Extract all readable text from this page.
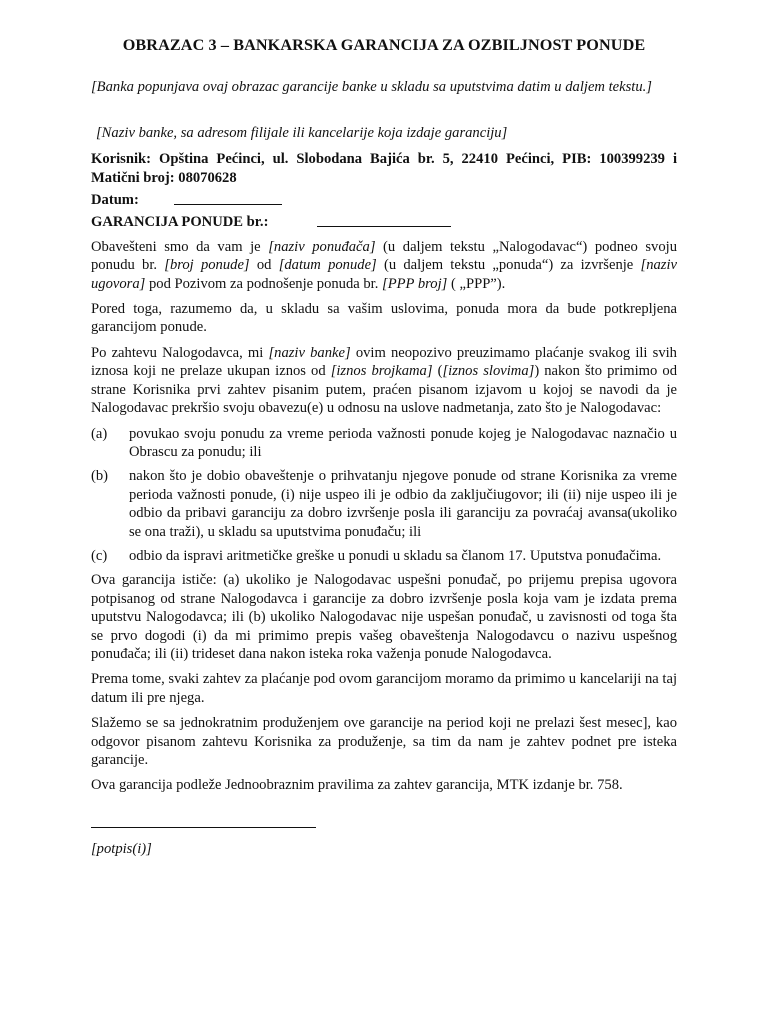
OBRAZAC 3 – BANKARSKA GARANCIJA ZA OZBILJNOST PONUDE

[Banka popunjava ovaj obrazac garancije banke u skladu sa uputstvima datim u daljem tekstu.]

[Naziv banke, sa adresom filijale ili kancelarije koja izdaje garanciju]

Korisnik: Opština Pećinci, ul. Slobodana Bajića br. 5, 22410 Pećinci, PIB: 100399239 i Matični broj: 08070628

Datum:
GARANCIJA PONUDE br.:

Obavešteni smo da vam je [naziv ponuđača] (u daljem tekstu „Nalogodavac“) podneo svoju ponudu br. [broj ponude] od [datum ponude] (u daljem tekstu „ponuda“) za izvršenje [naziv ugovora] pod Pozivom za podnošenje ponuda br. [PPP broj] ( „PPP”).

Pored toga, razumemo da, u skladu sa vašim uslovima, ponuda mora da bude potkrepljena garancijom ponude.

Po zahtevu Nalogodavca, mi [naziv banke] ovim neopozivo preuzimamo plaćanje svakog ili svih iznosa koji ne prelaze ukupan iznos od [iznos brojkama] ([iznos slovima]) nakon što primimo od strane Korisnika prvi zahtev pisanim putem, praćen pisanom izjavom u kojoj se navodi da je Nalogodavac prekršio svoju obavezu(e) u odnosu na uslove nadmetanja, zato što je Nalogodavac:

(a)	povukao svoju ponudu za vreme perioda važnosti ponude kojeg je Nalogodavac naznačio u Obrascu za ponudu; ili
(b)	nakon što je dobio obaveštenje o prihvatanju njegove ponude od strane Korisnika za vreme perioda važnosti ponude, (i) nije uspeo ili je odbio da zaključiugovor; ili (ii) nije uspeo ili je odbio da pribavi garanciju za dobro izvršenje posla ili garanciju za povraćaj avansa(ukoliko se ona traži), u skladu sa uputstvima ponuđaču; ili
(c)	odbio da ispravi aritmetičke greške u ponudi u skladu sa članom 17. Uputstva ponuđačima.

Ova garancija ističe: (a) ukoliko je Nalogodavac uspešni ponuđač, po prijemu prepisa ugovora potpisanog od strane Nalogodavca i garancije za dobro izvršenje posla koja vam je izdata prema uputstvu Nalogodavca; ili (b) ukoliko Nalogodavac nije uspešan ponuđač, u zavisnosti od toga šta se prvo dogodi (i) da mi primimo prepis vašeg obaveštenja Nalogodavcu o nazivu uspešnog ponuđača; ili (ii) trideset dana nakon isteka roka važenja ponude Nalogodavca.

Prema tome, svaki zahtev za plaćanje pod ovom garancijom moramo da primimo u kancelariji na taj datum ili pre njega.

Slažemo se sa jednokratnim produženjem ove garancije na period koji ne prelazi šest mesec], kao odgovor pisanom zahtevu Korisnika za produženje, sa tim da nam je zahtev podnet pre isteka garancije.

Ova garancija podleže Jednoobraznim pravilima za zahtev garancija, MTK izdanje br. 758.

[potpis(i)]
